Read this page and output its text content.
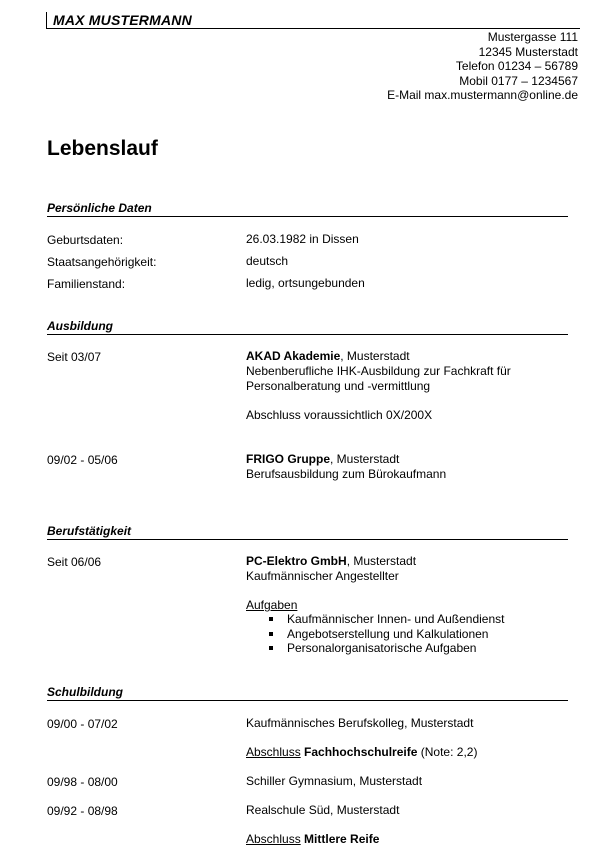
MAX MUSTERMANN
Mustergasse 111
12345 Musterstadt
Telefon 01234 – 56789
Mobil 0177 – 1234567
E-Mail max.mustermann@online.de
Lebenslauf
Persönliche Daten
Geburtsdaten:	26.03.1982 in Dissen
Staatsangehörigkeit:	deutsch
Familienstand:	ledig, ortsungebunden
Ausbildung
Seit 03/07	AKAD Akademie, Musterstadt
Nebenberufliche IHK-Ausbildung zur Fachkraft für
Personalberatung und -vermittlung
Abschluss voraussichtlich 0X/200X
09/02 - 05/06	FRIGO Gruppe, Musterstadt
Berufsausbildung zum Bürokaufmann
Berufstätigkeit
Seit 06/06	PC-Elektro GmbH, Musterstadt
Kaufmännischer Angestellter
Aufgaben
Kaufmännischer Innen- und Außendienst
Angebotserstellung und Kalkulationen
Personalorganisatorische Aufgaben
Schulbildung
09/00 - 07/02	Kaufmännisches Berufskolleg, Musterstadt
Abschluss Fachhochschulreife (Note: 2,2)
09/98 - 08/00	Schiller Gymnasium, Musterstadt
09/92 - 08/98	Realschule Süd, Musterstadt
Abschluss Mittlere Reife
